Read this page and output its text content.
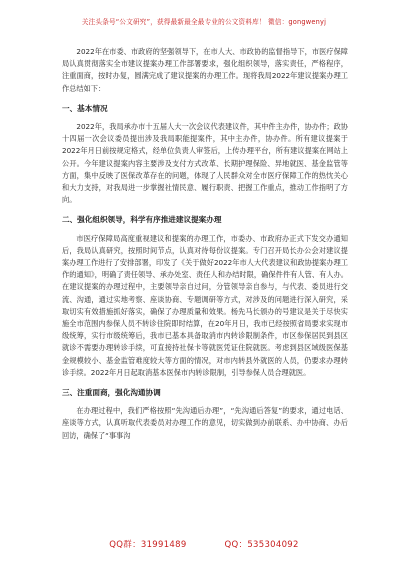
关注头条号“公文研究”，获得最新最全最专业的公文资料库！ 微信：gongwenyj

2022年在市委、市政府的坚强领导下，在市人大、市政协的监督指导下，市医疗保障局认真贯彻落实全市建议提案办理工作部署要求，强化组织领导，落实责任，严格程序，注重面商，按时办复，圆满完成了建议提案的办理工作。现将我局2022年建议提案办理工作总结如下：

一、基本情况

2022年，我局承办市十五届人大一次会议代表建议件，其中件主办件，协办件；政协十四届一次会议委员提出涉及我局职能提案件，其中主办件，协办件。所有建议提案于2022年月日前按规定格式，经单位负责人审签后，上传办理平台，所有建议提案在网站上公开。今年建议提案内容主要涉及支付方式改革、长期护理保险、异地就医、基金监管等方面，集中反映了医保改革存在的问题，体现了人民群众对全市医疗保障工作的热忱关心和大力支持，对我局进一步掌握社情民意、履行职责、把握工作重点，推动工作指明了方向。

二、强化组织领导，科学有序推进建议提案办理

市医疗保障局高度重视建议和提案的办理工作，市委办、市政府办正式下发交办通知后，我局认真研究，按照时间节点，认真对待每份议提案。专门召开局长办公会对建议提案办理工作进行了安排部署，印发了《关于做好2022年市人大代表建议和政协提案办理工作的通知》，明确了责任领导、承办处室、责任人和办结时限，确保件件有人管、有人办。在建议提案的办理过程中，主要领导亲自过问，分管领导亲自参与，与代表、委员进行交流、沟通，通过实地考察、座谈协商、专题调研等方式，对涉及的问题进行深入研究，采取切实有效措施抓好落实，确保了办理质量和效果。杨先马长颁办的号建议是关于尽快实施全市范围内参保人员不转诊住院即时结算，在20年月日，我市已经按照省局要求实现市级统筹，实行市级统筹后，我市已基本具备取消市内转诊限制条件，市区参保居民到县区就诊不需要办理转诊手续，可直接持社保卡等就医凭证住院就医。考虑到县区域级医保基金规模较小、基金监管难度较大等方面的情况，对市内转县外就医的人员，仍要求办理转诊手续。2022年月日起取消基本医保市内转诊限制，引导参保人员合理就医。

三、注重面商，强化沟通协调

在办理过程中，我们严格按照“先沟通后办理”，“先沟通后答复”的要求，通过电话、座谈等方式，认真听取代表委员对办理工作的意见，切实做到办前联系、办中协商、办后回访，确保了“事事沟

QQ群：31991489	QQ：535304092
